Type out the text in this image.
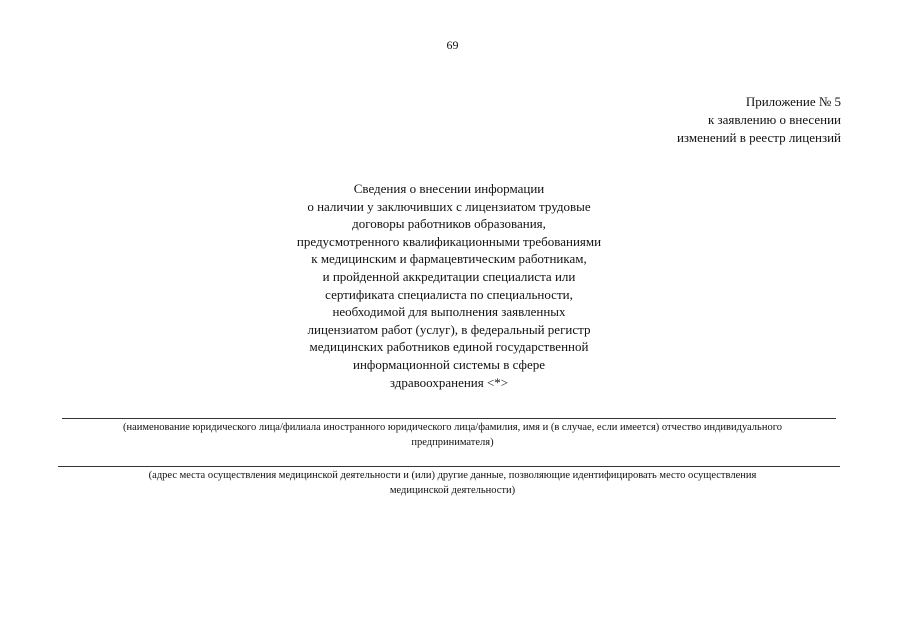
69
Приложение № 5
к заявлению о внесении
изменений в реестр лицензий
Сведения о внесении информации
о наличии у заключивших с лицензиатом трудовые
договоры работников образования,
предусмотренного квалификационными требованиями
к медицинским и фармацевтическим работникам,
и пройденной аккредитации специалиста или
сертификата специалиста по специальности,
необходимой для выполнения заявленных
лицензиатом работ (услуг), в федеральный регистр
медицинских работников единой государственной
информационной системы в сфере
здравоохранения <*>
(наименование юридического лица/филиала иностранного юридического лица/фамилия, имя и (в случае, если имеется) отчество индивидуального
предпринимателя)
(адрес места осуществления медицинской деятельности и (или) другие данные, позволяющие идентифицировать место осуществления
медицинской деятельности)
